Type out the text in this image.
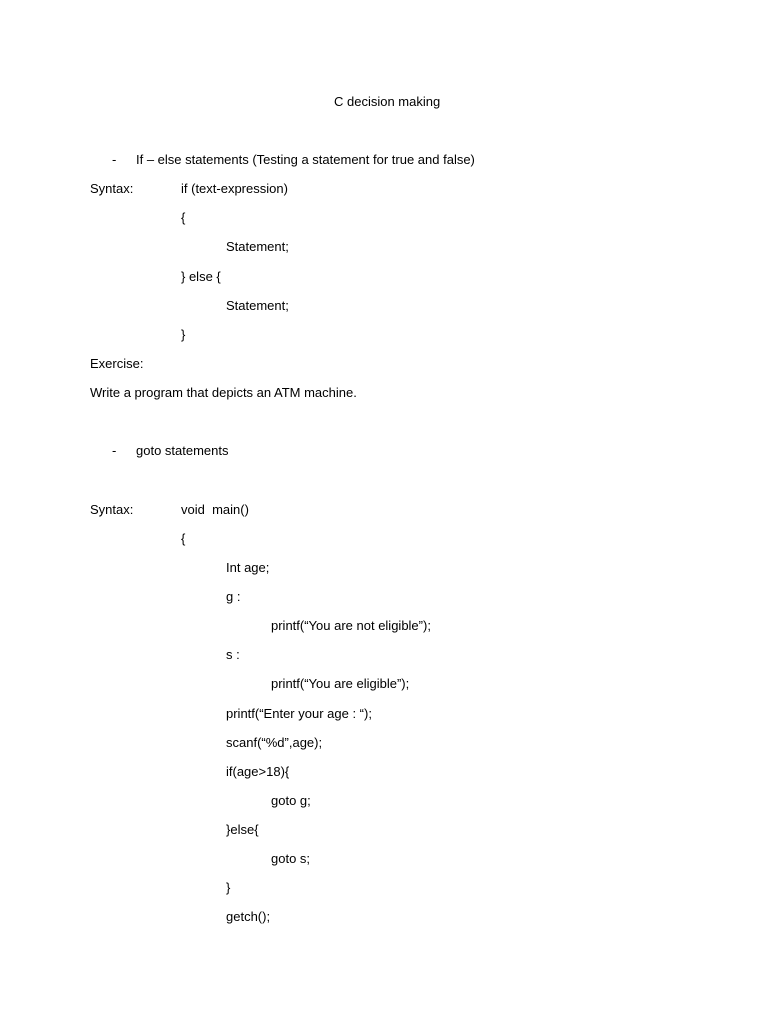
C decision making
- If – else statements (Testing a statement for true and false)
Syntax:	if (text-expression)
{
Statement;
} else {
Statement;
}
Exercise:
Write a program that depicts an ATM machine.
- goto statements
Syntax:	void  main()
{
Int age;
g :
printf(“You are not eligible”);
s :
printf(“You are eligible”);
printf(“Enter your age : “);
scanf(“%d”,age);
if(age>18){
goto g;
}else{
goto s;
}
getch();
